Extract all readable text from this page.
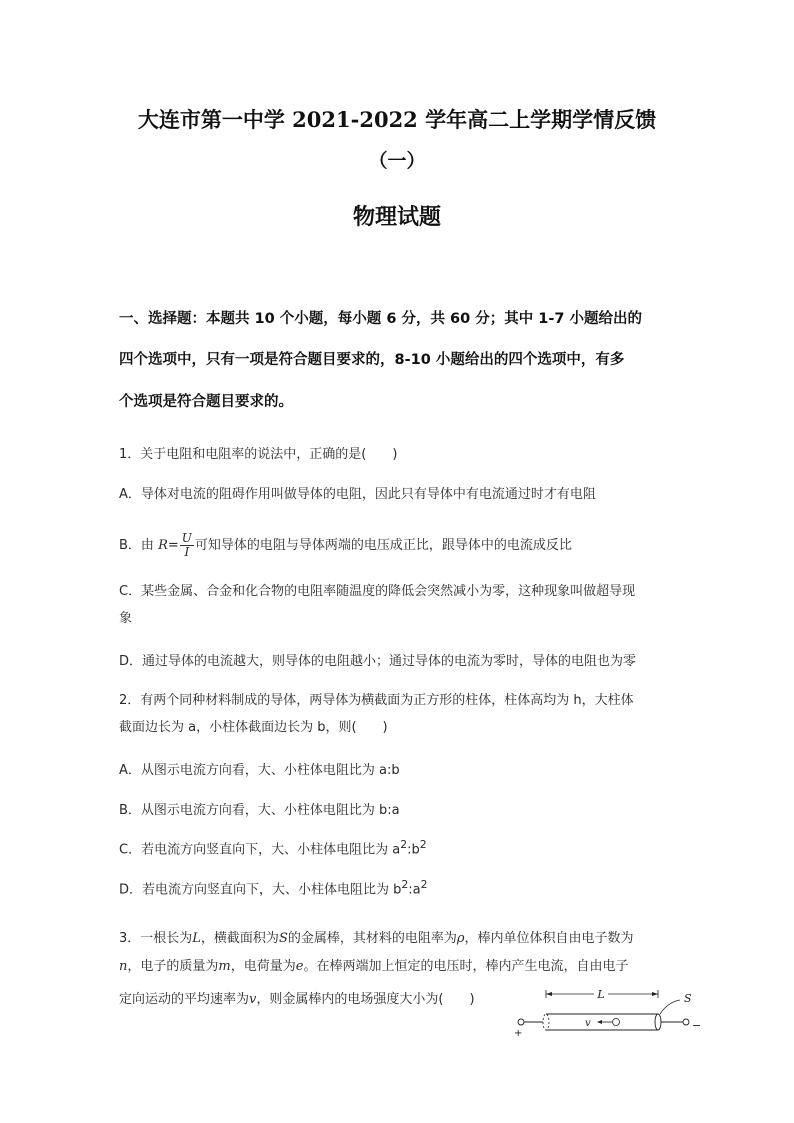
大连市第一中学 2021-2022 学年高二上学期学情反馈
（一）
物理试题
一、选择题：本题共 10 个小题，每小题 6 分，共 60 分；其中 1-7 小题给出的
四个选项中，只有一项是符合题目要求的，8-10 小题给出的四个选项中，有多
个选项是符合题目要求的。
1．关于电阻和电阻率的说法中，正确的是(　　)
A．导体对电流的阻碍作用叫做导体的电阻，因此只有导体中有电流通过时才有电阻
B．由 $R= \frac{U}{I}$ 可知导体的电阻与导体两端的电压成正比，跟导体中的电流成反比
C．某些金属、合金和化合物的电阻率随温度的降低会突然减小为零，这种现象叫做超导现
象
D．通过导体的电流越大，则导体的电阻越小；通过导体的电流为零时，导体的电阻也为零
2．有两个同种材料制成的导体，两导体为横截面为正方形的柱体，柱体高均为 h，大柱体
截面边长为 a，小柱体截面边长为 b，则(　　)
A．从图示电流方向看，大、小柱体电阻比为 a:b
B．从图示电流方向看，大、小柱体电阻比为 b:a
C．若电流方向竖直向下，大、小柱体电阻比为 $a^2:b^2$
D．若电流方向竖直向下，大、小柱体电阻比为 $b^2:a^2$
3．一根长为L，横截面积为S的金属棒，其材料的电阻率为ρ，棒内单位体积自由电子数为
n，电子的质量为m，电荷量为e。在棒两端加上恒定的电压时，棒内产生电流，自由电子
定向运动的平均速率为v，则金属棒内的电场强度大小为(　　)	L
+
−
S
v
